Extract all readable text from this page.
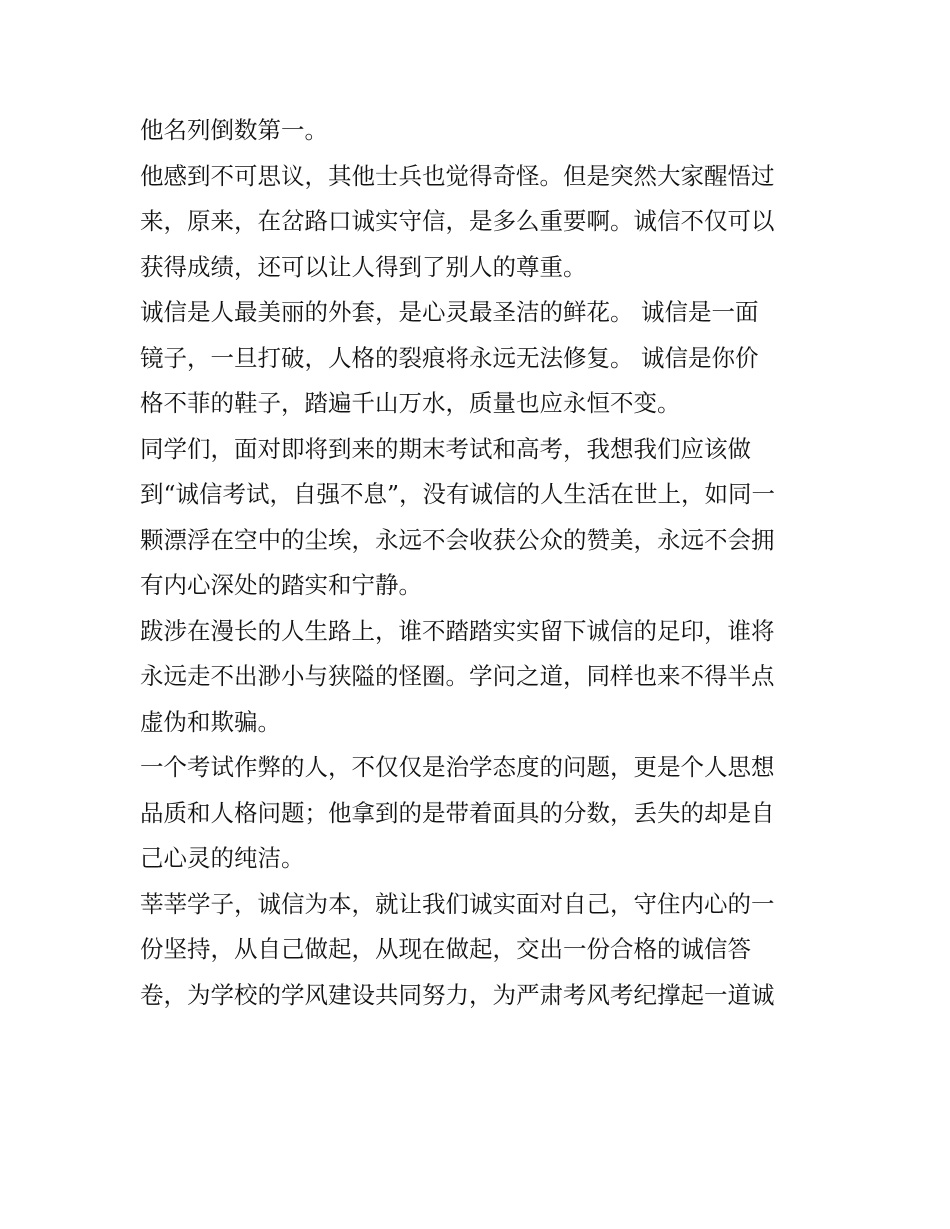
他名列倒数第一。
他感到不可思议，其他士兵也觉得奇怪。但是突然大家醒悟过
来，原来，在岔路口诚实守信，是多么重要啊。诚信不仅可以
获得成绩，还可以让人得到了别人的尊重。
诚信是人最美丽的外套，是心灵最圣洁的鲜花。 诚信是一面
镜子，一旦打破，人格的裂痕将永远无法修复。 诚信是你价
格不菲的鞋子，踏遍千山万水，质量也应永恒不变。
同学们，面对即将到来的期末考试和高考，我想我们应该做
到“诚信考试，自强不息”，没有诚信的人生活在世上，如同一
颗漂浮在空中的尘埃，永远不会收获公众的赞美，永远不会拥
有内心深处的踏实和宁静。
跋涉在漫长的人生路上，谁不踏踏实实留下诚信的足印，谁将
永远走不出渺小与狭隘的怪圈。学问之道，同样也来不得半点
虚伪和欺骗。
一个考试作弊的人，不仅仅是治学态度的问题，更是个人思想
品质和人格问题；他拿到的是带着面具的分数，丢失的却是自
己心灵的纯洁。
莘莘学子，诚信为本，就让我们诚实面对自己，守住内心的一
份坚持，从自己做起，从现在做起，交出一份合格的诚信答
卷，为学校的学风建设共同努力，为严肃考风考纪撑起一道诚
